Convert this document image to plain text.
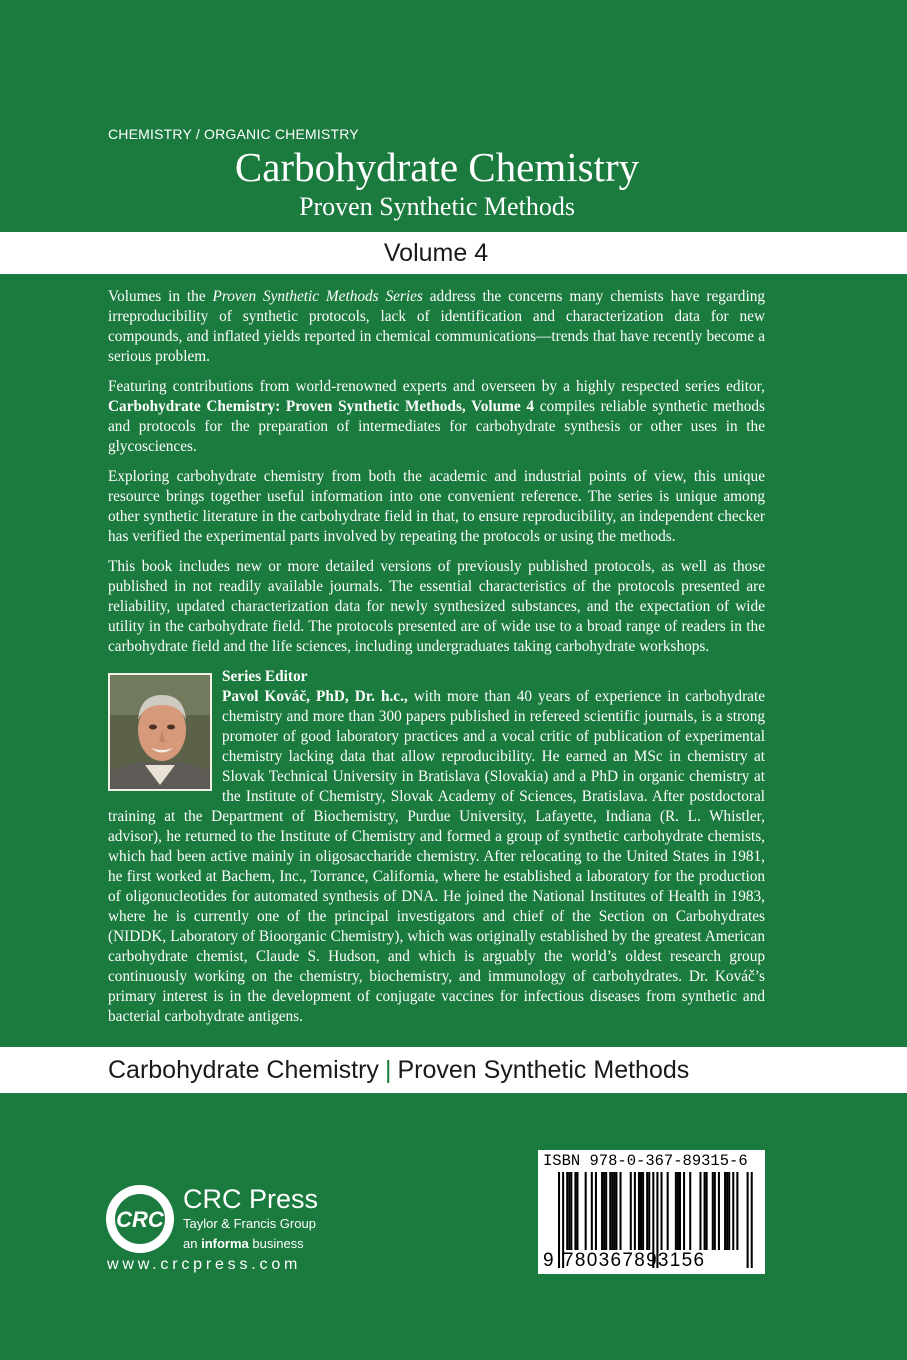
CHEMISTRY / ORGANIC CHEMISTRY
Carbohydrate Chemistry
Proven Synthetic Methods
Volume 4

Volumes in the Proven Synthetic Methods Series address the concerns many chemists have regarding irreproducibility of synthetic protocols, lack of identification and characterization data for new compounds, and inflated yields reported in chemical communications—trends that have recently become a serious problem.

Featuring contributions from world-renowned experts and overseen by a highly respected series editor, Carbohydrate Chemistry: Proven Synthetic Methods, Volume 4 compiles reliable synthetic methods and protocols for the preparation of intermediates for carbohydrate synthesis or other uses in the glycosciences.

Exploring carbohydrate chemistry from both the academic and industrial points of view, this unique resource brings together useful information into one convenient reference. The series is unique among other synthetic literature in the carbohydrate field in that, to ensure reproducibility, an independent checker has verified the experimental parts involved by repeating the protocols or using the methods.

This book includes new or more detailed versions of previously published protocols, as well as those published in not readily available journals. The essential characteristics of the protocols presented are reliability, updated characterization data for newly synthesized substances, and the expectation of wide utility in the carbohydrate field. The protocols presented are of wide use to a broad range of readers in the carbohydrate field and the life sciences, including undergraduates taking carbohydrate workshops.

Series Editor
Pavol Kováč, PhD, Dr. h.c., with more than 40 years of experience in carbohydrate chemistry and more than 300 papers published in refereed scientific journals, is a strong promoter of good laboratory practices and a vocal critic of publication of experimental chemistry lacking data that allow reproducibility. He earned an MSc in chemistry at Slovak Technical University in Bratislava (Slovakia) and a PhD in organic chemistry at the Institute of Chemistry, Slovak Academy of Sciences, Bratislava. After postdoctoral training at the Department of Biochemistry, Purdue University, Lafayette, Indiana (R. L. Whistler, advisor), he returned to the Institute of Chemistry and formed a group of synthetic carbohydrate chemists, which had been active mainly in oligosaccharide chemistry. After relocating to the United States in 1981, he first worked at Bachem, Inc., Torrance, California, where he established a laboratory for the production of oligonucleotides for automated synthesis of DNA. He joined the National Institutes of Health in 1983, where he is currently one of the principal investigators and chief of the Section on Carbohydrates (NIDDK, Laboratory of Bioorganic Chemistry), which was originally established by the greatest American carbohydrate chemist, Claude S. Hudson, and which is arguably the world’s oldest research group continuously working on the chemistry, biochemistry, and immunology of carbohydrates. Dr. Kováč’s primary interest is in the development of conjugate vaccines for infectious diseases from synthetic and bacterial carbohydrate antigens.
Carbohydrate Chemistry | Proven Synthetic Methods
CRC
CRC Press
Taylor & Francis Group
an informa business
www.crcpress.com
ISBN 978-0-367-89315-6
9 780367893156
